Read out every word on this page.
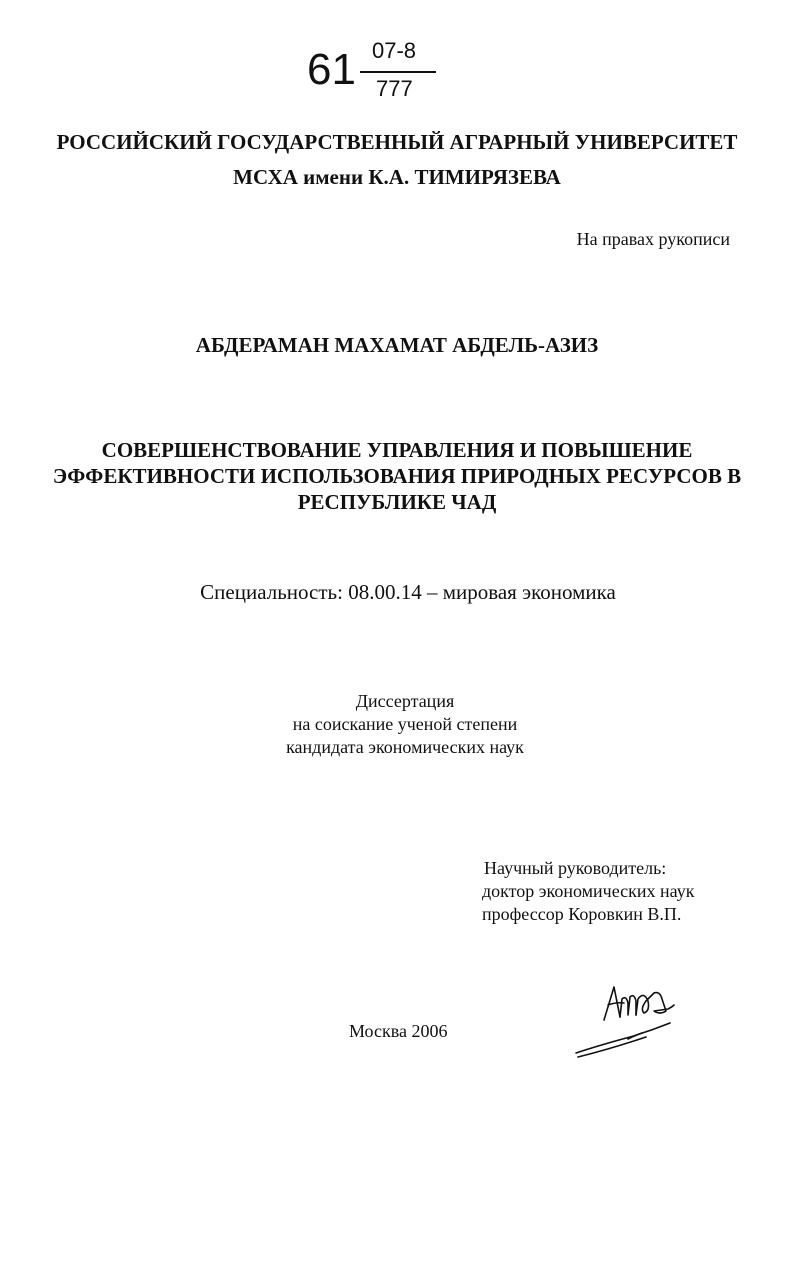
61 07-8
777
РОССИЙСКИЙ ГОСУДАРСТВЕННЫЙ АГРАРНЫЙ УНИВЕРСИТЕТ
МСХА имени К.А. ТИМИРЯЗЕВА
На правах рукописи
АБДЕРАМАН МАХАМАТ АБДЕЛЬ-АЗИЗ
СОВЕРШЕНСТВОВАНИЕ УПРАВЛЕНИЯ И ПОВЫШЕНИЕ
ЭФФЕКТИВНОСТИ ИСПОЛЬЗОВАНИЯ ПРИРОДНЫХ РЕСУРСОВ В
РЕСПУБЛИКЕ ЧАД
Специальность: 08.00.14 – мировая экономика
Диссертация
на соискание ученой степени
кандидата экономических наук
Научный руководитель:
доктор экономических наук
профессор Коровкин В.П.
Москва 2006
